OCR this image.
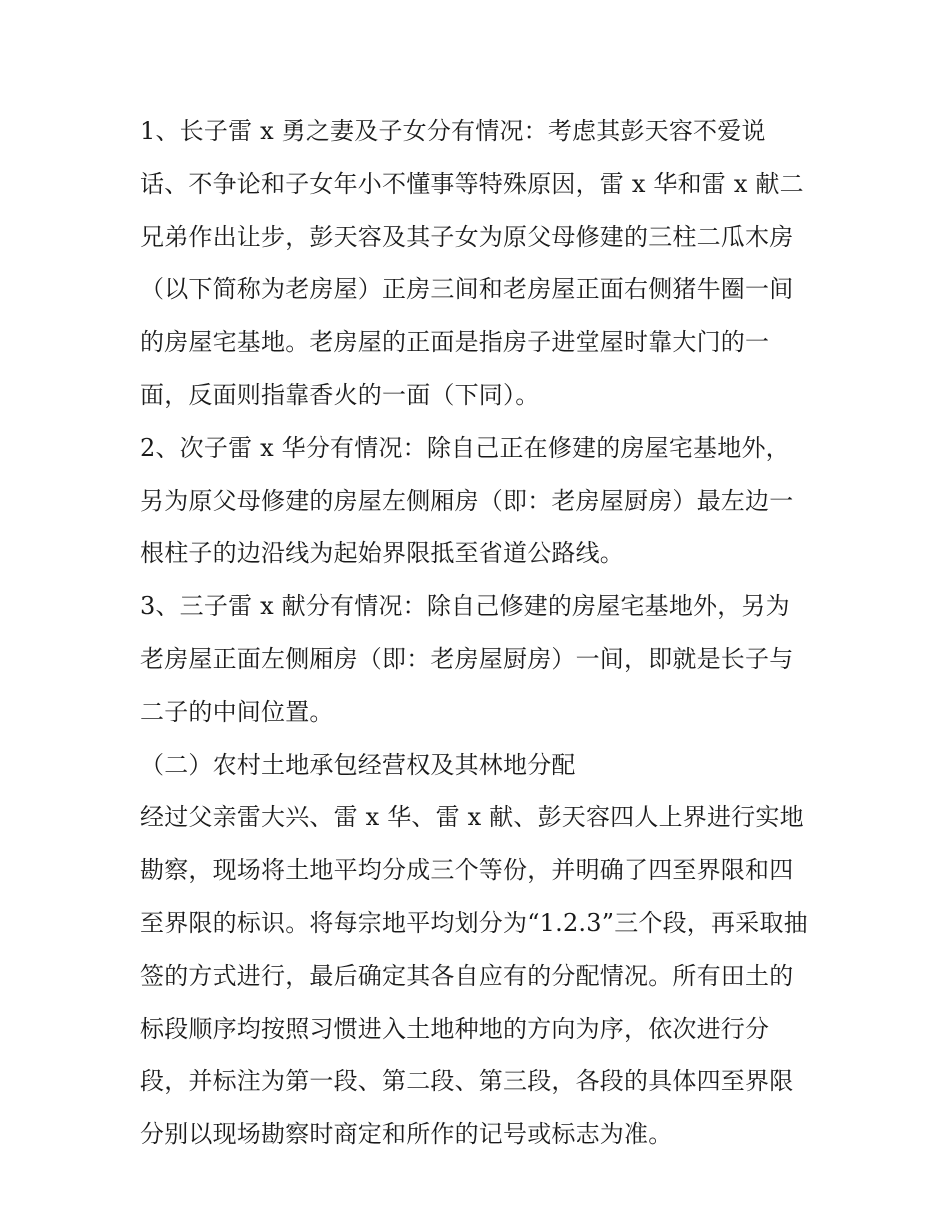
1、长子雷 x 勇之妻及子女分有情况：考虑其彭天容不爱说
话、不争论和子女年小不懂事等特殊原因，雷 x 华和雷 x 献二
兄弟作出让步，彭天容及其子女为原父母修建的三柱二瓜木房
（以下简称为老房屋）正房三间和老房屋正面右侧猪牛圈一间
的房屋宅基地。老房屋的正面是指房子进堂屋时靠大门的一
面，反面则指靠香火的一面（下同）。
2、次子雷 x 华分有情况：除自己正在修建的房屋宅基地外，
另为原父母修建的房屋左侧厢房（即：老房屋厨房）最左边一
根柱子的边沿线为起始界限抵至省道公路线。
3、三子雷 x 献分有情况：除自己修建的房屋宅基地外，另为
老房屋正面左侧厢房（即：老房屋厨房）一间，即就是长子与
二子的中间位置。
（二）农村土地承包经营权及其林地分配
经过父亲雷大兴、雷 x 华、雷 x 献、彭天容四人上界进行实地
勘察，现场将土地平均分成三个等份，并明确了四至界限和四
至界限的标识。将每宗地平均划分为“1.2.3”三个段，再采取抽
签的方式进行，最后确定其各自应有的分配情况。所有田土的
标段顺序均按照习惯进入土地种地的方向为序，依次进行分
段，并标注为第一段、第二段、第三段，各段的具体四至界限
分别以现场勘察时商定和所作的记号或标志为准。
